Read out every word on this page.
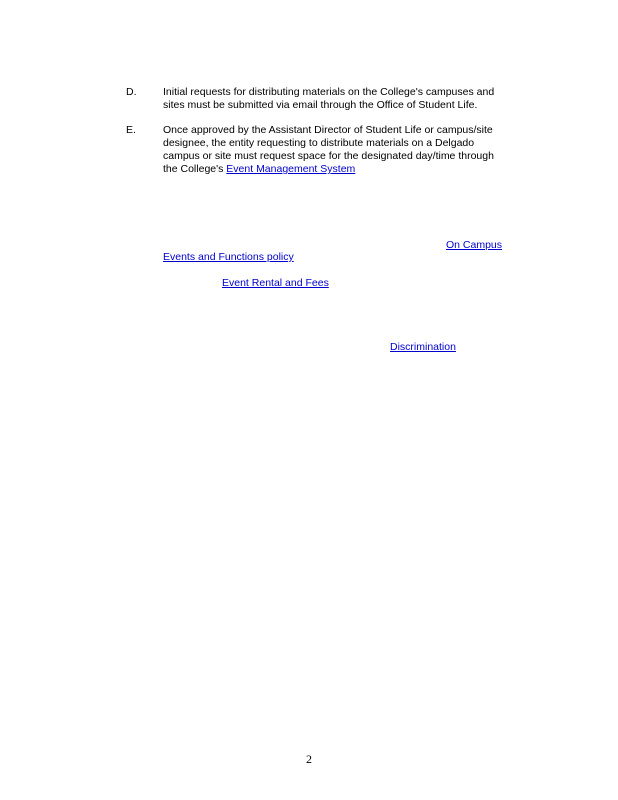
D.	Initial requests for distributing materials on the College's campuses and
sites must be submitted via email through the Office of Student Life.
E.	Once approved by the Assistant Director of Student Life or campus/site
designee, the entity requesting to distribute materials on a Delgado
campus or site must request space for the designated day/time through
the College's Event Management System
On Campus
Events and Functions policy
Event Rental and Fees
Discrimination
2
